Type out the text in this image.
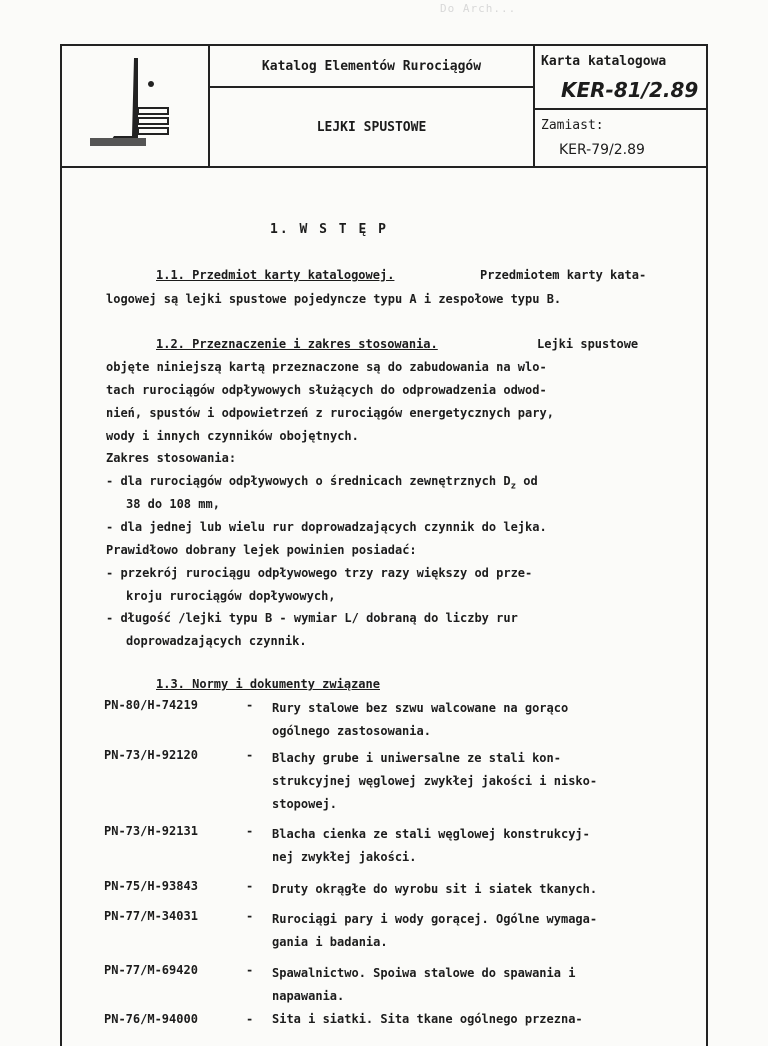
Do Arch...
Katalog Elementów Rurociągów
LEJKI SPUSTOWE
Karta katalogowa
KER-81/2.89
Zamiast:
KER-79/2.89
1. W S T Ę P
1.1. Przedmiot karty katalogowej.	Przedmiotem karty kata-
logowej są lejki spustowe pojedyncze typu A i zespołowe typu B.
1.2. Przeznaczenie i zakres stosowania.	Lejki spustowe
objęte niniejszą kartą przeznaczone są do zabudowania na wlo-
tach rurociągów odpływowych służących do odprowadzenia odwod-
nień, spustów i odpowietrzeń z rurociągów energetycznych pary,
wody i innych czynników obojętnych.
Zakres stosowania:
- dla rurociągów odpływowych o średnicach zewnętrznych $D_z$ od
38 do 108 mm,
- dla jednej lub wielu rur doprowadzających czynnik do lejka.
Prawidłowo dobrany lejek powinien posiadać:
- przekrój rurociągu odpływowego trzy razy większy od prze-
kroju rurociągów dopływowych,
- długość /lejki typu B - wymiar L/ dobraną do liczby rur
doprowadzających czynnik.
1.3. Normy i dokumenty związane
PN-80/H-74219	- Rury stalowe bez szwu walcowane na gorąco
ogólnego zastosowania.
PN-73/H-92120	- Blachy grube i uniwersalne ze stali kon-
strukcyjnej węglowej zwykłej jakości i nisko-
stopowej.
PN-73/H-92131	- Blacha cienka ze stali węglowej konstrukcyj-
nej zwykłej jakości.
PN-75/H-93843	- Druty okrągłe do wyrobu sit i siatek tkanych.
PN-77/M-34031	- Rurociągi pary i wody gorącej. Ogólne wymaga-
gania i badania.
PN-77/M-69420	- Spawalnictwo. Spoiwa stalowe do spawania i
napawania.
PN-76/M-94000	- Sita i siatki. Sita tkane ogólnego przezna-
